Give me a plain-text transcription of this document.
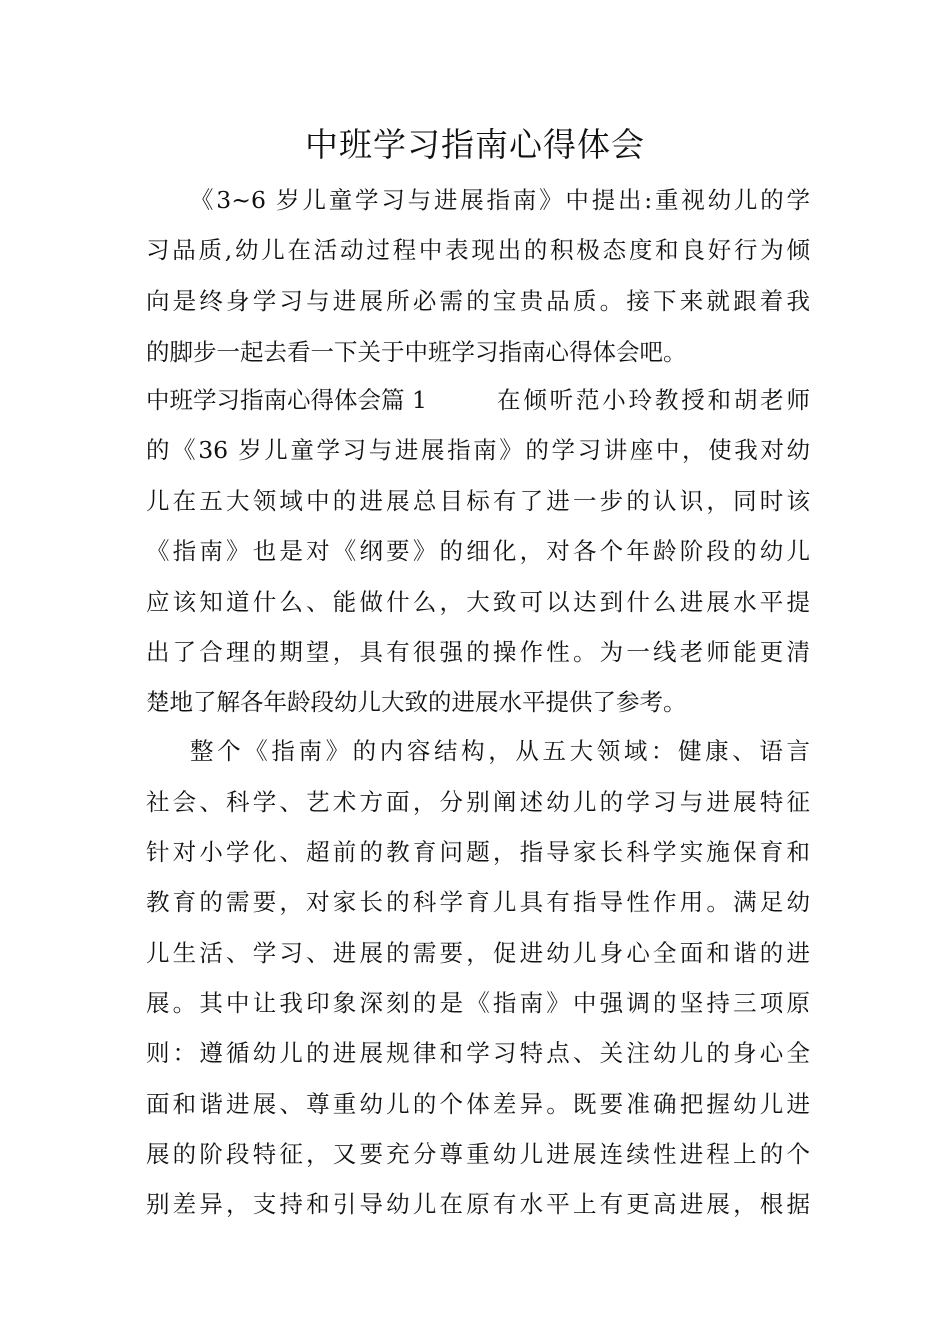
中班学习指南心得体会
《3~6 岁儿童学习与进展指南》中提出:重视幼儿的学
习品质,幼儿在活动过程中表现出的积极态度和良好行为倾
向是终身学习与进展所必需的宝贵品质。接下来就跟着我
的脚步一起去看一下关于中班学习指南心得体会吧。
中班学习指南心得体会篇 1	在倾听范小玲教授和胡老师
的《36 岁儿童学习与进展指南》的学习讲座中，使我对幼
儿在五大领域中的进展总目标有了进一步的认识，同时该
《指南》也是对《纲要》的细化，对各个年龄阶段的幼儿
应该知道什么、能做什么，大致可以达到什么进展水平提
出了合理的期望，具有很强的操作性。为一线老师能更清
楚地了解各年龄段幼儿大致的进展水平提供了参考。
整个《指南》的内容结构，从五大领域：健康、语言
社会、科学、艺术方面，分别阐述幼儿的学习与进展特征
针对小学化、超前的教育问题，指导家长科学实施保育和
教育的需要，对家长的科学育儿具有指导性作用。满足幼
儿生活、学习、进展的需要，促进幼儿身心全面和谐的进
展。其中让我印象深刻的是《指南》中强调的坚持三项原
则：遵循幼儿的进展规律和学习特点、关注幼儿的身心全
面和谐进展、尊重幼儿的个体差异。既要准确把握幼儿进
展的阶段特征，又要充分尊重幼儿进展连续性进程上的个
别差异，支持和引导幼儿在原有水平上有更高进展，根据
